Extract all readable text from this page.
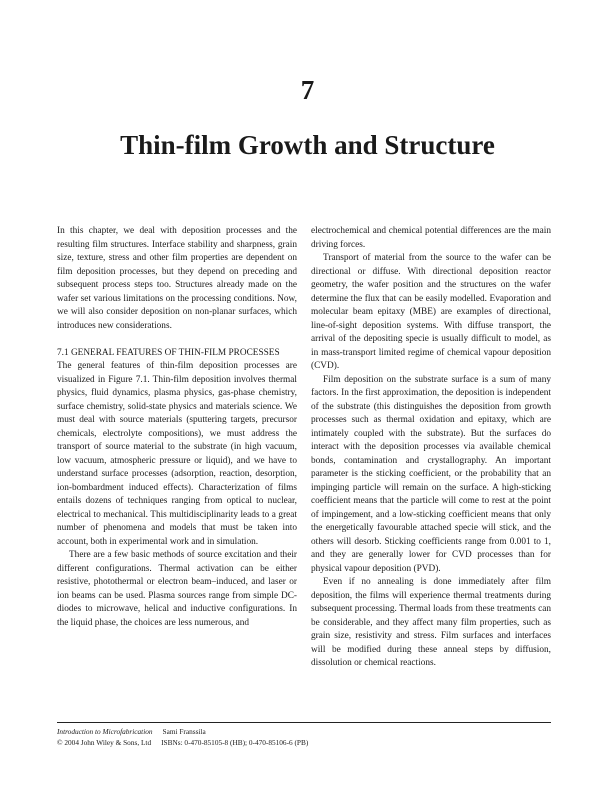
7
Thin-film Growth and Structure

In this chapter, we deal with deposition processes and the resulting film structures. Interface stability and sharpness, grain size, texture, stress and other film properties are dependent on film deposition processes, but they depend on preceding and subsequent process steps too. Structures already made on the wafer set various limitations on the processing conditions. Now, we will also consider deposition on non-planar surfaces, which introduces new considerations.

7.1 GENERAL FEATURES OF THIN-FILM PROCESSES

The general features of thin-film deposition processes are visualized in Figure 7.1. Thin-film deposition involves thermal physics, fluid dynamics, plasma physics, gas-phase chemistry, surface chemistry, solid-state physics and materials science. We must deal with source materials (sputtering targets, precursor chemicals, electrolyte compositions), we must address the transport of source material to the substrate (in high vacuum, low vacuum, atmospheric pressure or liquid), and we have to understand surface processes (adsorption, reaction, desorption, ion-bombardment induced effects). Characterization of films entails dozens of techniques ranging from optical to nuclear, electrical to mechanical. This multidisciplinarity leads to a great number of phenomena and models that must be taken into account, both in experimental work and in simulation.

There are a few basic methods of source excitation and their different configurations. Thermal activation can be either resistive, photothermal or electron beam–induced, and laser or ion beams can be used. Plasma sources range from simple DC-diodes to microwave, helical and inductive configurations. In the liquid phase, the choices are less numerous, and

electrochemical and chemical potential differences are the main driving forces.

Transport of material from the source to the wafer can be directional or diffuse. With directional deposition reactor geometry, the wafer position and the structures on the wafer determine the flux that can be easily modelled. Evaporation and molecular beam epitaxy (MBE) are examples of directional, line-of-sight deposition systems. With diffuse transport, the arrival of the depositing specie is usually difficult to model, as in mass-transport limited regime of chemical vapour deposition (CVD).

Film deposition on the substrate surface is a sum of many factors. In the first approximation, the deposition is independent of the substrate (this distinguishes the deposition from growth processes such as thermal oxidation and epitaxy, which are intimately coupled with the substrate). But the surfaces do interact with the deposition processes via available chemical bonds, contamination and crystallography. An important parameter is the sticking coefficient, or the probability that an impinging particle will remain on the surface. A high-sticking coefficient means that the particle will come to rest at the point of impingement, and a low-sticking coefficient means that only the energetically favourable attached specie will stick, and the others will desorb. Sticking coefficients range from 0.001 to 1, and they are generally lower for CVD processes than for physical vapour deposition (PVD).

Even if no annealing is done immediately after film deposition, the films will experience thermal treatments during subsequent processing. Thermal loads from these treatments can be considerable, and they affect many film properties, such as grain size, resistivity and stress. Film surfaces and interfaces will be modified during these anneal steps by diffusion, dissolution or chemical reactions.

Introduction to Microfabrication Sami Franssila
© 2004 John Wiley & Sons, Ltd ISBNs: 0-470-85105-8 (HB); 0-470-85106-6 (PB)
